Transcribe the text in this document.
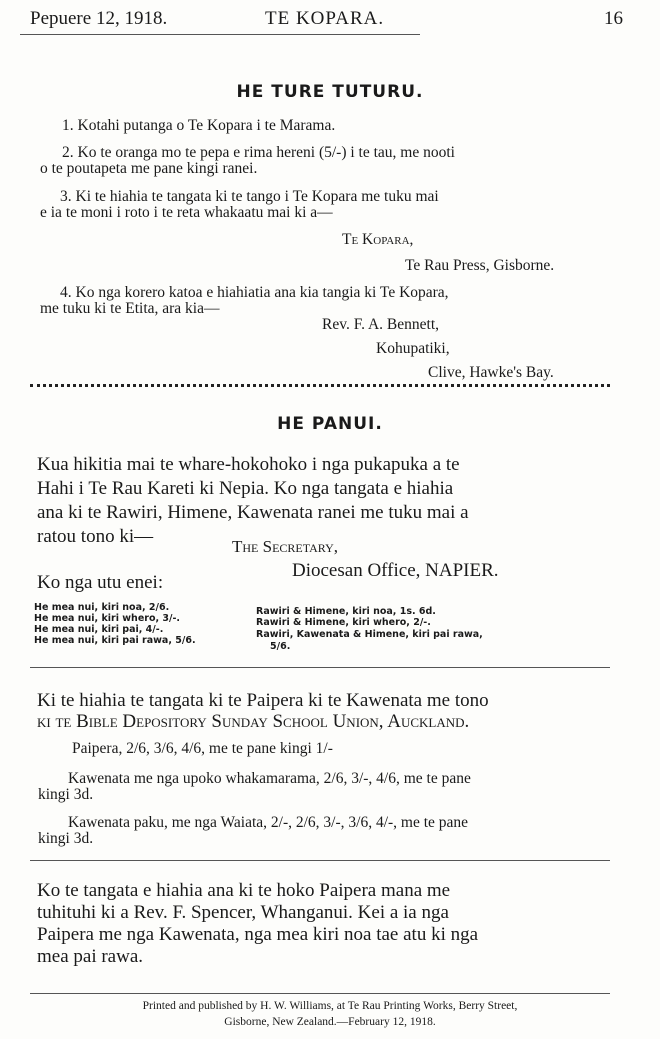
Pepuere 12, 1918.	TE KOPARA.	16
HE TURE TUTURU.
1. Kotahi putanga o Te Kopara i te Marama.
2. Ko te oranga mo te pepa e rima hereni (5/-) i te tau, me nooti
o te poutapeta me pane kingi ranei.
3. Ki te hiahia te tangata ki te tango i Te Kopara me tuku mai
e ia te moni i roto i te reta whakaatu mai ki a—
Te Kopara,
Te Rau Press, Gisborne.
4. Ko nga korero katoa e hiahiatia ana kia tangia ki Te Kopara,
me tuku ki te Etita, ara kia—
Rev. F. A. Bennett,
Kohupatiki,
Clive, Hawke's Bay.
HE PANUI.
Kua hikitia mai te whare-hokohoko i nga pukapuka a te
Hahi i Te Rau Kareti ki Nepia. Ko nga tangata e hiahia
ana ki te Rawiri, Himene, Kawenata ranei me tuku mai a
ratou tono ki—	The Secretary,
Diocesan Office, NAPIER.
Ko nga utu enei:
He mea nui, kiri noa, 2/6.
He mea nui, kiri whero, 3/-.
He mea nui, kiri pai, 4/-.
He mea nui, kiri pai rawa, 5/6.
Rawiri & Himene, kiri noa, 1s. 6d.
Rawiri & Himene, kiri whero, 2/-.
Rawiri, Kawenata & Himene, kiri pai rawa,
5/6.
Ki te hiahia te tangata ki te Paipera ki te Kawenata me tono
ki te Bible Depository Sunday School Union, Auckland.
Paipera, 2/6, 3/6, 4/6, me te pane kingi 1/-
Kawenata me nga upoko whakamarama, 2/6, 3/-, 4/6, me te pane
kingi 3d.
Kawenata paku, me nga Waiata, 2/-, 2/6, 3/-, 3/6, 4/-, me te pane
kingi 3d.
Ko te tangata e hiahia ana ki te hoko Paipera mana me
tuhituhi ki a Rev. F. Spencer, Whanganui. Kei a ia nga
Paipera me nga Kawenata, nga mea kiri noa tae atu ki nga
mea pai rawa.
Printed and published by H. W. Williams, at Te Rau Printing Works, Berry Street,
Gisborne, New Zealand.—February 12, 1918.
